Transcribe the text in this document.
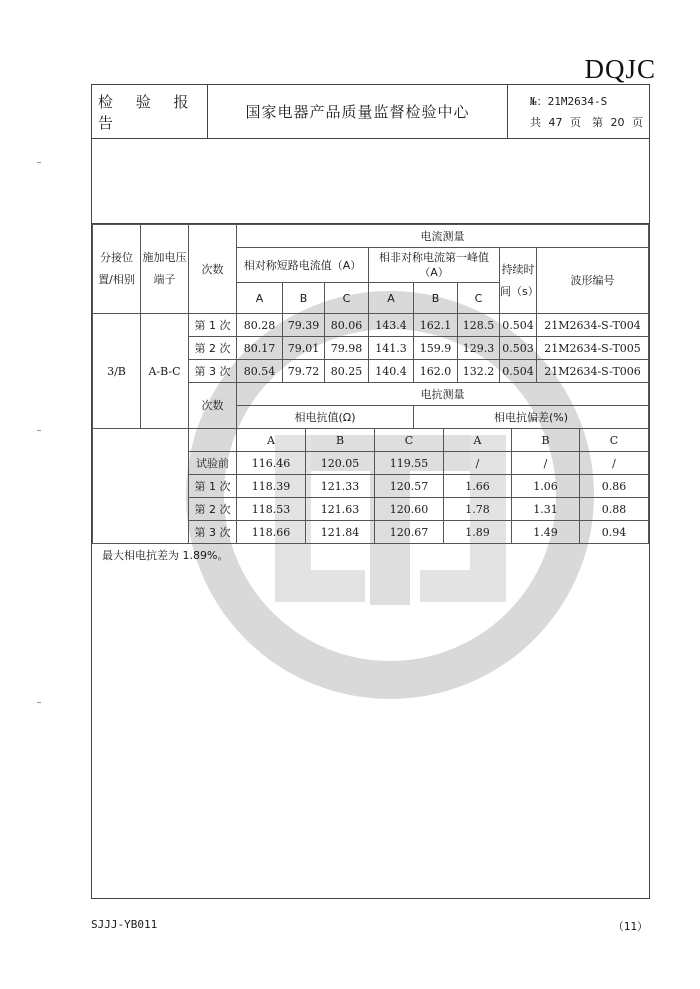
DQJC
检 验 报 告
国家电器产品质量监督检验中心
№：21M2634-S
共 47 页　第 20 页
分接位置/相别	施加电压端子	次数	电流测量							
			相对称短路电流值（A）			相非对称电流第一峰值（A）			持续时间（s）	波形编号
			A	B	C	A	B	C		
3/B	A-B-C	第 1 次	80.28	79.39	80.06	143.4	162.1	128.5	0.504	21M2634-S-T004
		第 2 次	80.17	79.01	79.98	141.3	159.9	129.3	0.503	21M2634-S-T005
		第 3 次	80.54	79.72	80.25	140.4	162.0	132.2	0.504	21M2634-S-T006
		次数	电抗测量							
			相电抗值(Ω)				相电抗偏差(%)			
		A	B	C	A	B	C
	试验前	116.46	120.05	119.55	/	/	/
	第 1 次	118.39	121.33	120.57	1.66	1.06	0.86
	第 2 次	118.53	121.63	120.60	1.78	1.31	0.88
	第 3 次	118.66	121.84	120.67	1.89	1.49	0.94
最大相电抗差为 1.89%。
SJJJ-YB011	（11）
